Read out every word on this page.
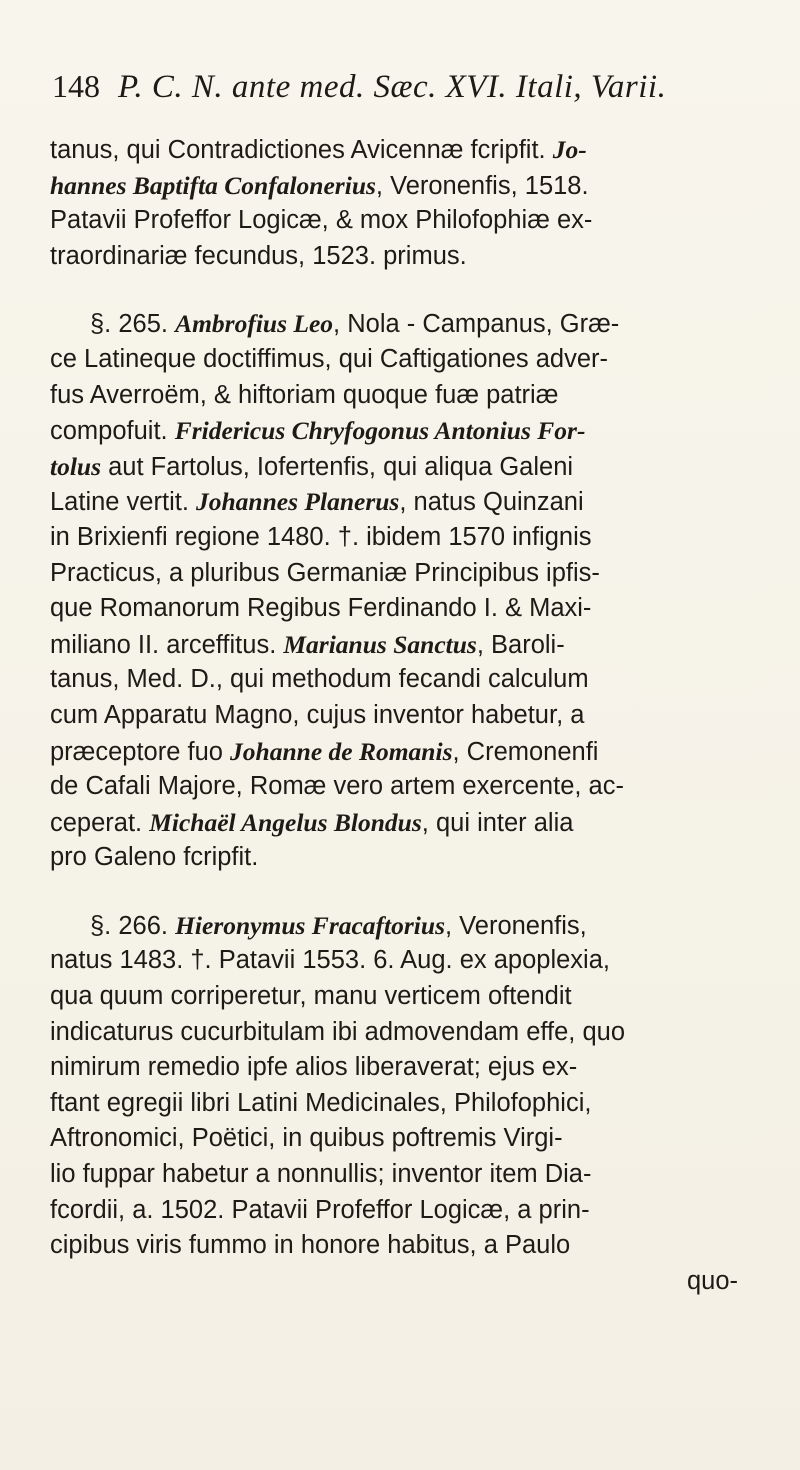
148 P. C. N. ante med. Sæc. XVI. Itali, Varii.
tanus, qui Contradictiones Avicennæ fcripfit. Jo-
hannes Baptifta Confalonerius, Veronenfis, 1518.
Patavii Profeffor Logicæ, & mox Philofophiæ ex-
traordinariæ fecundus, 1523. primus.
§. 265. Ambrofius Leo, Nola - Campanus, Græ-
ce Latineque doctiffimus, qui Caftigationes adver-
fus Averroëm, & hiftoriam quoque fuæ patriæ
compofuit. Fridericus Chryfogonus Antonius For-
tolus aut Fartolus, Iofertenfis, qui aliqua Galeni
Latine vertit. Johannes Planerus, natus Quinzani
in Brixienfi regione 1480. †. ibidem 1570 infignis
Practicus, a pluribus Germaniæ Principibus ipfis-
que Romanorum Regibus Ferdinando I. & Maxi-
miliano II. arceffitus. Marianus Sanctus, Baroli-
tanus, Med. D., qui methodum fecandi calculum
cum Apparatu Magno, cujus inventor habetur, a
præceptore fuo Johanne de Romanis, Cremonenfi
de Cafali Majore, Romæ vero artem exercente, ac-
ceperat. Michaël Angelus Blondus, qui inter alia
pro Galeno fcripfit.
§. 266. Hieronymus Fracaftorius, Veronenfis,
natus 1483. †. Patavii 1553. 6. Aug. ex apoplexia,
qua quum corriperetur, manu verticem oftendit
indicaturus cucurbitulam ibi admovendam effe, quo
nimirum remedio ipfe alios liberaverat; ejus ex-
ftant egregii libri Latini Medicinales, Philofophici,
Aftronomici, Poëtici, in quibus poftremis Virgi-
lio fuppar habetur a nonnullis; inventor item Dia-
fcordii, a. 1502. Patavii Profeffor Logicæ, a prin-
cipibus viris fummo in honore habitus, a Paulo
quo-
